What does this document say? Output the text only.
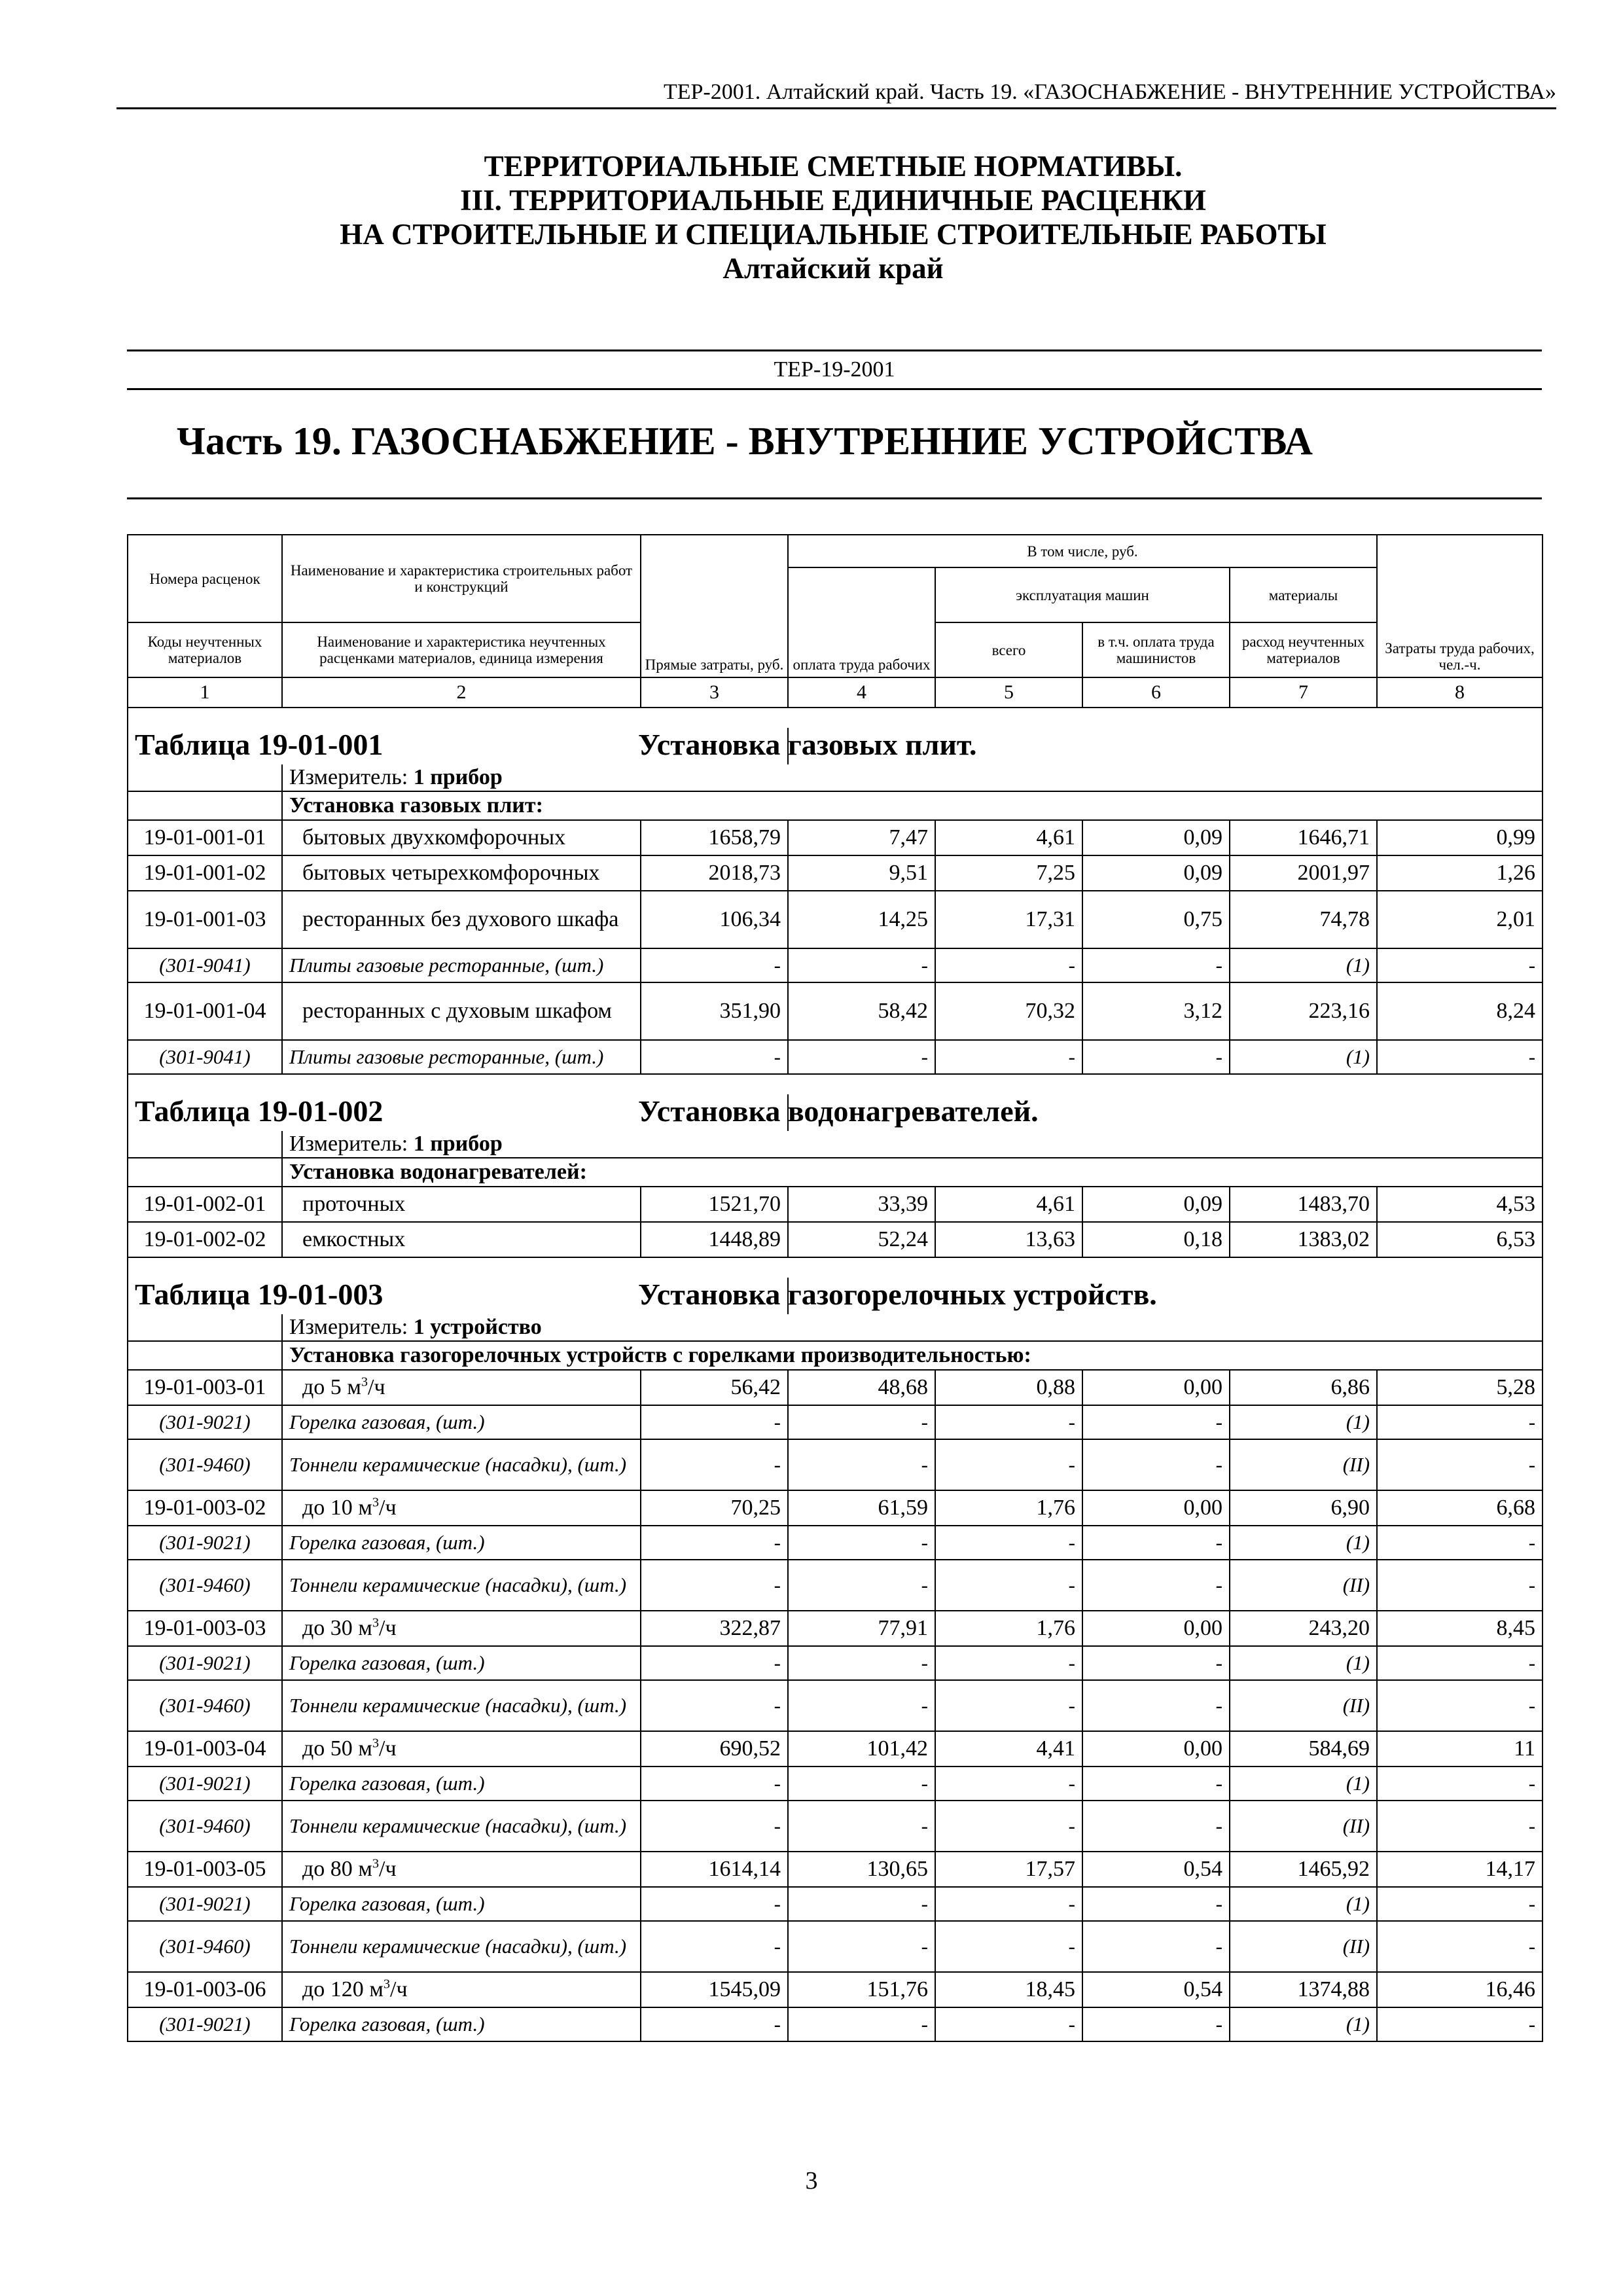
ТЕР-2001. Алтайский край. Часть 19. «ГАЗОСНАБЖЕНИЕ - ВНУТРЕННИЕ УСТРОЙСТВА»
ТЕРРИТОРИАЛЬНЫЕ СМЕТНЫЕ НОРМАТИВЫ.
III. ТЕРРИТОРИАЛЬНЫЕ ЕДИНИЧНЫЕ РАСЦЕНКИ
НА СТРОИТЕЛЬНЫЕ И СПЕЦИАЛЬНЫЕ СТРОИТЕЛЬНЫЕ РАБОТЫ
Алтайский край
ТЕР-19-2001
Часть 19. ГАЗОСНАБЖЕНИЕ - ВНУТРЕННИЕ УСТРОЙСТВА
Номера расценок	Наименование и характеристика строительных работ и конструкций	Прямые затраты, руб.	В том числе, руб.				Затраты труда рабочих, чел.-ч.
			оплата труда рабочих	эксплуатация машин		материалы	
Коды неучтенных материалов	Наименование и характеристика неучтенных расценками материалов, единица измерения			всего	в т.ч. оплата труда машинистов	расход неучтенных материалов	
1	2	3	4	5	6	7	8

Таблица 19-01-001			Установка газовых плит.				
	Измеритель: 1 прибор						
	Установка газовых плит:						
19-01-001-01	бытовых двухкомфорочных	1658,79	7,47	4,61	0,09	1646,71	0,99
19-01-001-02	бытовых четырехкомфорочных	2018,73	9,51	7,25	0,09	2001,97	1,26
19-01-001-03	ресторанных без духового шкафа	106,34	14,25	17,31	0,75	74,78	2,01
(301-9041)	Плиты газовые ресторанные, (шт.)	-	-	-	-	(1)	-
19-01-001-04	ресторанных с духовым шкафом	351,90	58,42	70,32	3,12	223,16	8,24
(301-9041)	Плиты газовые ресторанные, (шт.)	-	-	-	-	(1)	-

Таблица 19-01-002			Установка водонагревателей.				
	Измеритель: 1 прибор						
	Установка водонагревателей:						
19-01-002-01	проточных	1521,70	33,39	4,61	0,09	1483,70	4,53
19-01-002-02	емкостных	1448,89	52,24	13,63	0,18	1383,02	6,53

Таблица 19-01-003			Установка газогорелочных устройств.				
	Измеритель: 1 устройство						
	Установка газогорелочных устройств с горелками производительностью:						
19-01-003-01	до 5 $м^3/ч$	56,42	48,68	0,88	0,00	6,86	5,28
(301-9021)	Горелка газовая, (шт.)	-	-	-	-	(1)	-
(301-9460)	Тоннели керамические (насадки), (шт.)	-	-	-	-	(II)	-
19-01-003-02	до 10 $м^3/ч$	70,25	61,59	1,76	0,00	6,90	6,68
(301-9021)	Горелка газовая, (шт.)	-	-	-	-	(1)	-
(301-9460)	Тоннели керамические (насадки), (шт.)	-	-	-	-	(II)	-
19-01-003-03	до 30 $м^3/ч$	322,87	77,91	1,76	0,00	243,20	8,45
(301-9021)	Горелка газовая, (шт.)	-	-	-	-	(1)	-
(301-9460)	Тоннели керамические (насадки), (шт.)	-	-	-	-	(II)	-
19-01-003-04	до 50 $м^3/ч$	690,52	101,42	4,41	0,00	584,69	11
(301-9021)	Горелка газовая, (шт.)	-	-	-	-	(1)	-
(301-9460)	Тоннели керамические (насадки), (шт.)	-	-	-	-	(II)	-
19-01-003-05	до 80 $м^3/ч$	1614,14	130,65	17,57	0,54	1465,92	14,17
(301-9021)	Горелка газовая, (шт.)	-	-	-	-	(1)	-
(301-9460)	Тоннели керамические (насадки), (шт.)	-	-	-	-	(II)	-
19-01-003-06	до 120 $м^3/ч$	1545,09	151,76	18,45	0,54	1374,88	16,46
(301-9021)	Горелка газовая, (шт.)	-	-	-	-	(1)	-
3
